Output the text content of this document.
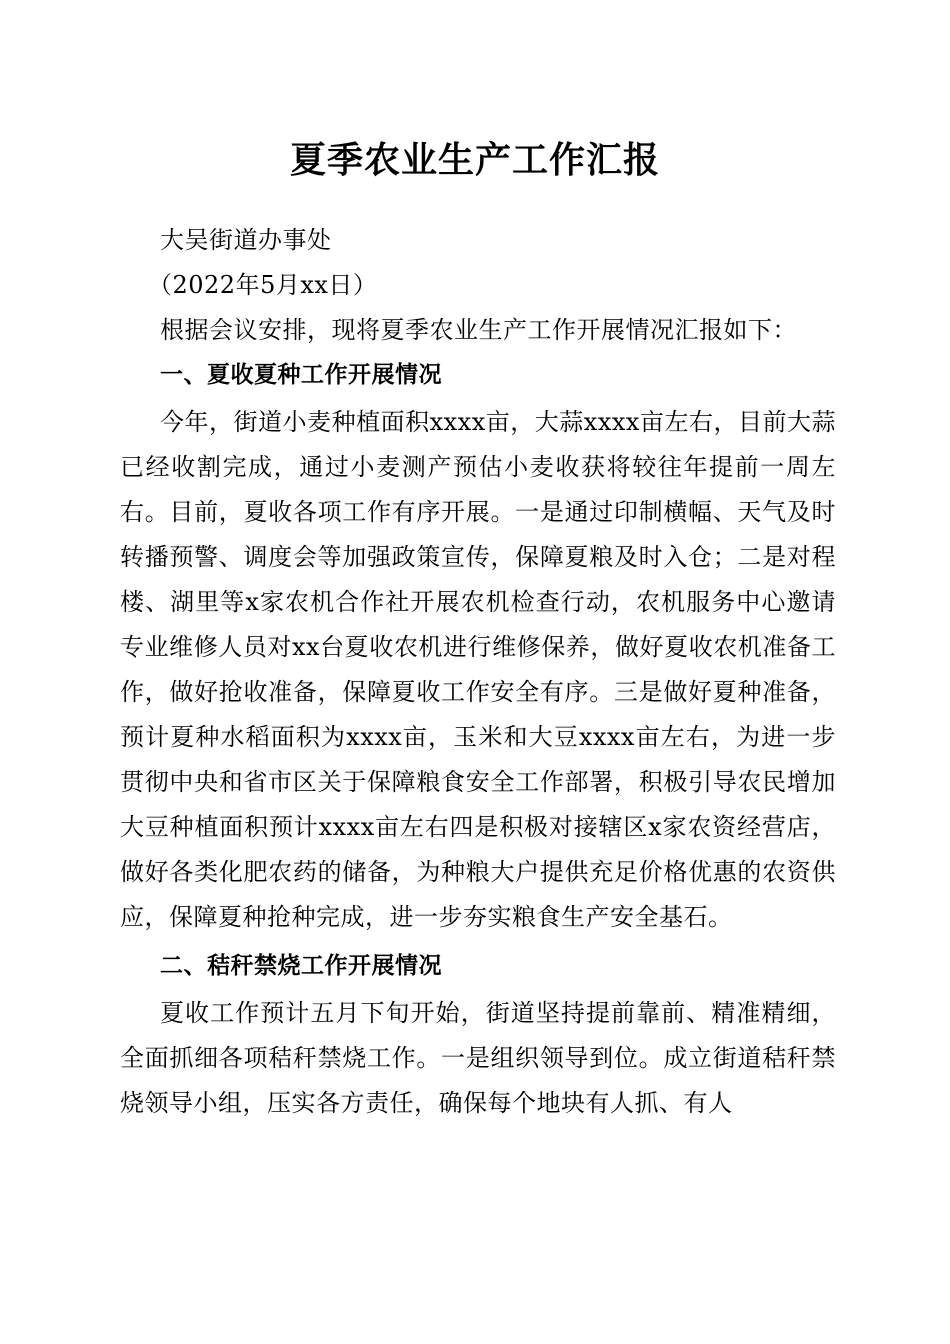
夏季农业生产工作汇报

大吴街道办事处

（2022年5月xx日）

根据会议安排，现将夏季农业生产工作开展情况汇报如下：

一、夏收夏种工作开展情况

今年，街道小麦种植面积xxxx亩，大蒜xxxx亩左右，目前大蒜已经收割完成，通过小麦测产预估小麦收获将较往年提前一周左右。目前，夏收各项工作有序开展。一是通过印制横幅、天气及时转播预警、调度会等加强政策宣传，保障夏粮及时入仓；二是对程楼、湖里等x家农机合作社开展农机检查行动，农机服务中心邀请专业维修人员对xx台夏收农机进行维修保养，做好夏收农机准备工作，做好抢收准备，保障夏收工作安全有序。三是做好夏种准备，预计夏种水稻面积为xxxx亩，玉米和大豆xxxx亩左右，为进一步贯彻中央和省市区关于保障粮食安全工作部署，积极引导农民增加大豆种植面积预计xxxx亩左右四是积极对接辖区x家农资经营店，做好各类化肥农药的储备，为种粮大户提供充足价格优惠的农资供应，保障夏种抢种完成，进一步夯实粮食生产安全基石。

二、秸秆禁烧工作开展情况

夏收工作预计五月下旬开始，街道坚持提前靠前、精准精细，全面抓细各项秸秆禁烧工作。一是组织领导到位。成立街道秸秆禁烧领导小组，压实各方责任，确保每个地块有人抓、有人
